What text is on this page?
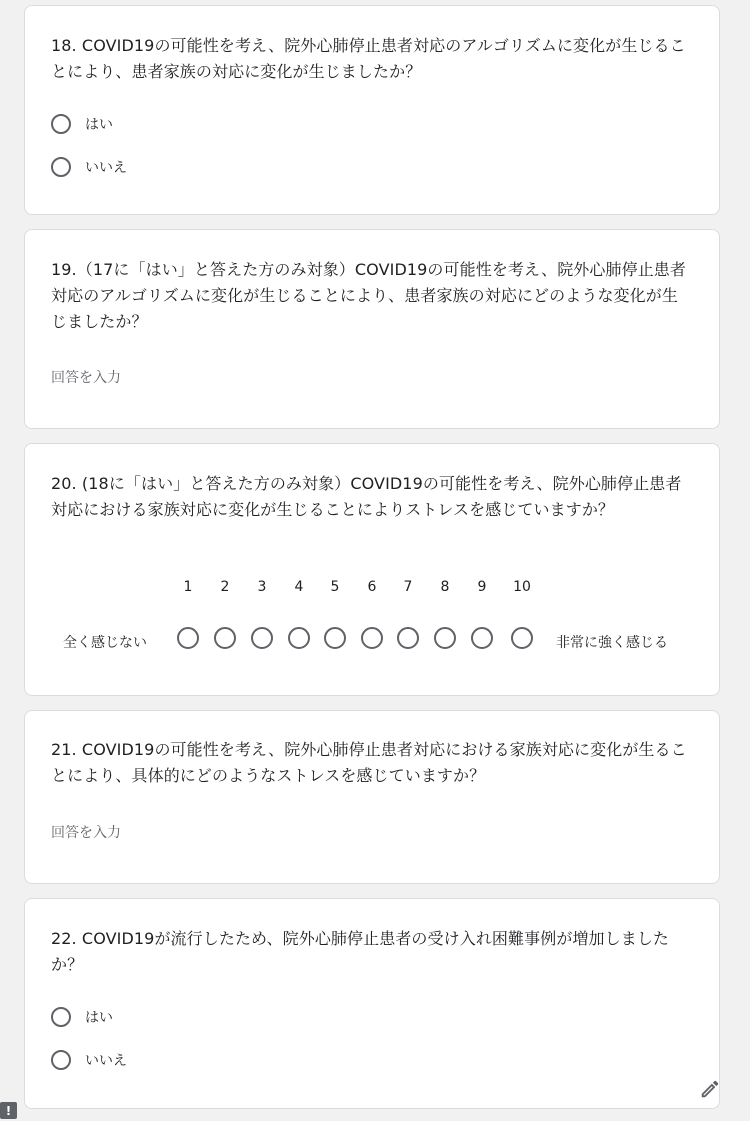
18. COVID19の可能性を考え、院外心肺停止患者対応のアルゴリズムに変化が生じることにより、患者家族の対応に変化が生じましたか？
はい
いいえ
19.（17に「はい」と答えた方のみ対象）COVID19の可能性を考え、院外心肺停止患者対応のアルゴリズムに変化が生じることにより、患者家族の対応にどのような変化が生じましたか？
回答を入力
20. (18に「はい」と答えた方のみ対象）COVID19の可能性を考え、院外心肺停止患者対応における家族対応に変化が生じることによりストレスを感じていますか？
1	2	3	4	5	6	7	8	9	10
全く感じない	非常に強く感じる
21. COVID19の可能性を考え、院外心肺停止患者対応における家族対応に変化が生ることにより、具体的にどのようなストレスを感じていますか？
回答を入力
22. COVID19が流行したため、院外心肺停止患者の受け入れ困難事例が増加しましたか？
はい
いいえ
!
